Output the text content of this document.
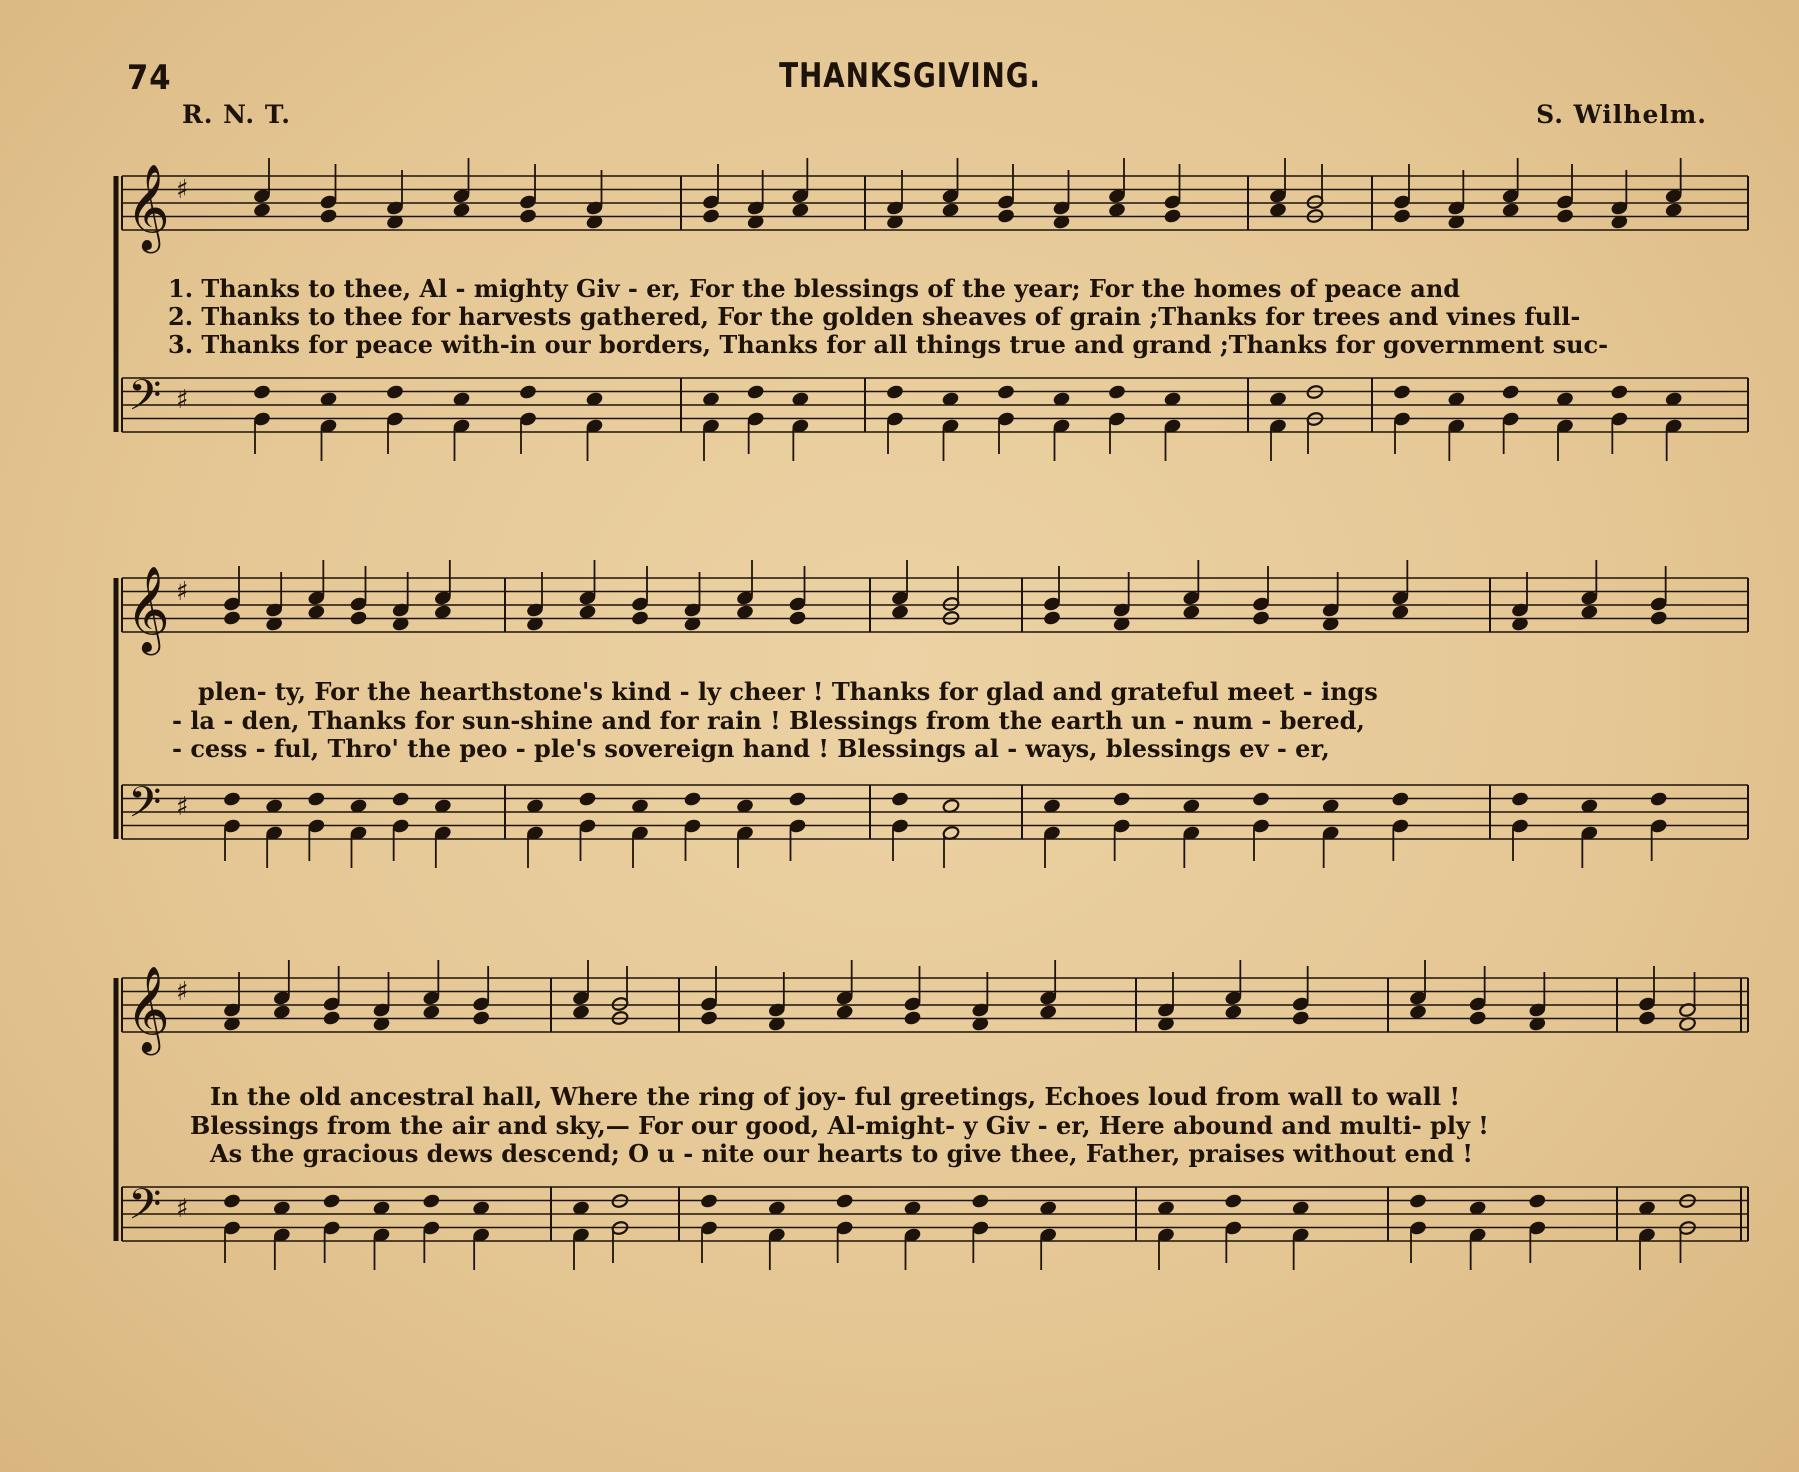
74	THANKSGIVING.
R. N. T.	S. Wilhelm.
𝄞
𝄢
♯
♯
𝄞
𝄢
♯
♯
𝄞
𝄢
♯
♯
1. Thanks to thee, Al - mighty Giv - er, For the blessings of the year; For the homes of peace and
2. Thanks to thee for harvests gathered, For the golden sheaves of grain ;Thanks for trees and vines full-
3. Thanks for peace with-in our borders, Thanks for all things true and grand ;Thanks for government suc-
plen- ty, For the hearthstone's kind - ly cheer ! Thanks for glad and grateful meet - ings
- la - den, Thanks for sun-shine and for rain ! Blessings from the earth un - num - bered,
- cess - ful, Thro' the peo - ple's sovereign hand ! Blessings al - ways, blessings ev - er,
In the old ancestral hall, Where the ring of joy- ful greetings, Echoes loud from wall to wall !
Blessings from the air and sky,— For our good, Al-might- y Giv - er, Here abound and multi- ply !
As the gracious dews descend; O u - nite our hearts to give thee, Father, praises without end !
